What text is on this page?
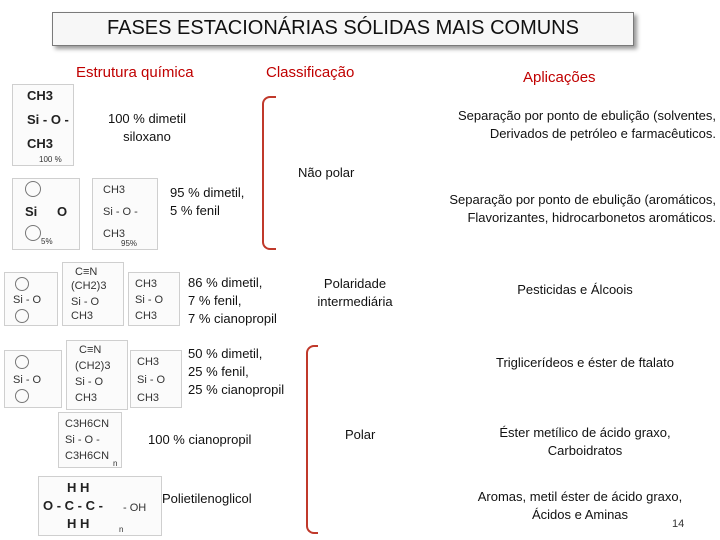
FASES ESTACIONÁRIAS SÓLIDAS MAIS COMUNS
Estrutura química	Classificação	Aplicações
CH3
Si - O -
CH3
100 %
Si O
5%
CH3
Si - O -
CH3
95%
Si - O
C≡N
(CH2)3
Si - O
CH3
CH3
Si - O
CH3
Si - O
C≡N
(CH2)3
Si - O
CH3
CH3
Si - O
CH3
C3H6CN
Si - O -
C3H6CN
n
H H
O - C - C -
H H
- OH
n
100 % dimetil
siloxano
95 % dimetil,
5 % fenil
86 % dimetil,
7 % fenil,
7 % cianopropil
50 % dimetil,
25 % fenil,
25 % cianopropil
100 % cianopropil
Polietilenoglicol
Não polar
Polaridade
intermediária
Polar
Separação por ponto de ebulição (solventes,
Derivados de petróleo e farmacêuticos.
Separação por ponto de ebulição (aromáticos,
Flavorizantes, hidrocarbonetos aromáticos.
Pesticidas e Álcoois
Triglicerídeos e éster de ftalato
Éster metílico de ácido graxo,
Carboidratos
Aromas, metil éster de ácido graxo,
Ácidos e Aminas
14
